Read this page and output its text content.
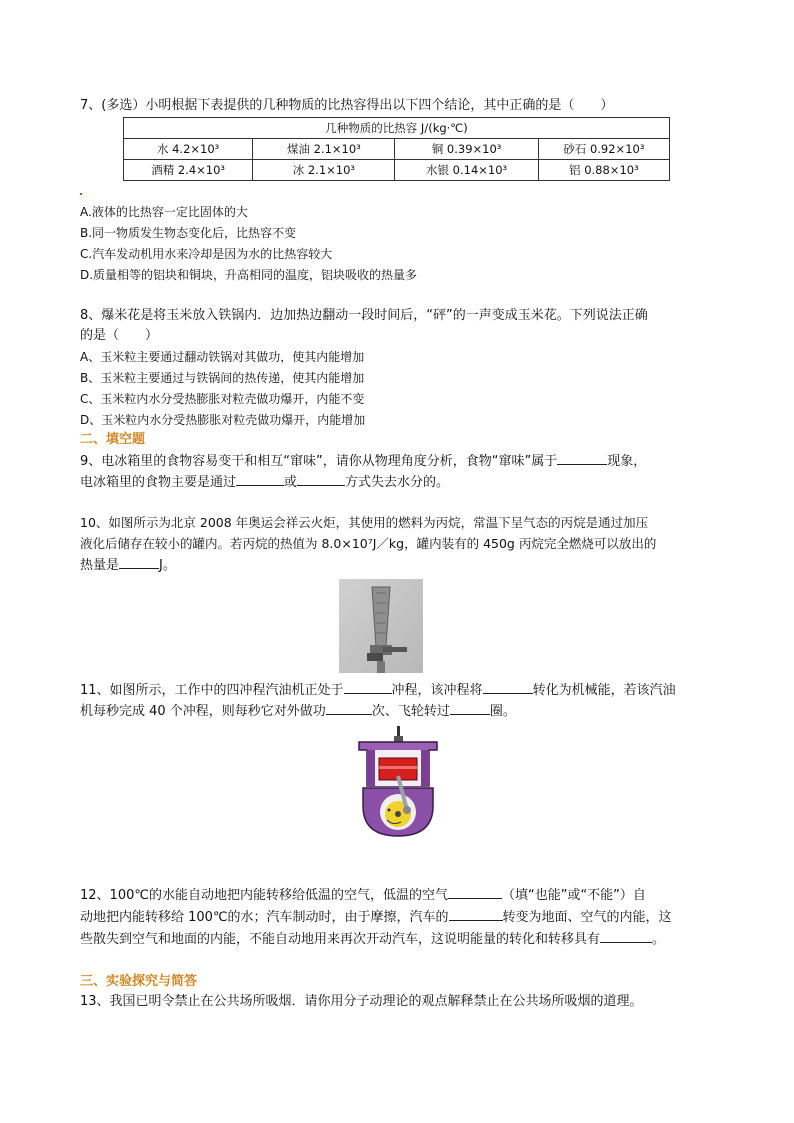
7、(多选）小明根据下表提供的几种物质的比热容得出以下四个结论，其中正确的是（　　）
几种物质的比热容 J/(kg·℃)			
水 4.2×10³	煤油 2.1×10³	铜 0.39×10³	砂石 0.92×10³
酒精 2.4×10³	冰 2.1×10³	水银 0.14×10³	铝 0.88×10³
A.液体的比热容一定比固体的大
B.同一物质发生物态变化后，比热容不变
C.汽车发动机用水来冷却是因为水的比热容较大
D.质量相等的铝块和铜块，升高相同的温度，铝块吸收的热量多
8、爆米花是将玉米放入铁锅内．边加热边翻动一段时间后，“砰”的一声变成玉米花。下列说法正确
的是（　　）
A、玉米粒主要通过翻动铁锅对其做功，使其内能增加
B、玉米粒主要通过与铁锅间的热传递，使其内能增加
C、玉米粒内水分受热膨胀对粒壳做功爆开，内能不变
D、玉米粒内水分受热膨胀对粒壳做功爆开，内能增加
二、填空题
9、电冰箱里的食物容易变干和相互“窜味”，请你从物理角度分析，食物“窜味”属于	现象，
电冰箱里的食物主要是通过	或	方式失去水分的。
10、如图所示为北京 2008 年奥运会祥云火炬，其使用的燃料为丙烷，常温下呈气态的丙烷是通过加压
液化后储存在较小的罐内。若丙烷的热值为 8.0×10⁷J／kg，罐内装有的 450g 丙烷完全燃烧可以放出的
热量是	J。
11、如图所示，工作中的四冲程汽油机正处于	冲程，该冲程将	转化为机械能，若该汽油
机每秒完成 40 个冲程，则每秒它对外做功	次、飞轮转过	圈。
12、100℃的水能自动地把内能转移给低温的空气，低温的空气	（填“也能”或“不能”）自
动地把内能转移给 100℃的水；汽车制动时，由于摩擦，汽车的	转变为地面、空气的内能，这
些散失到空气和地面的内能，不能自动地用来再次开动汽车，这说明能量的转化和转移具有	。
三、实验探究与简答
13、我国已明令禁止在公共场所吸烟．请你用分子动理论的观点解释禁止在公共场所吸烟的道理。
